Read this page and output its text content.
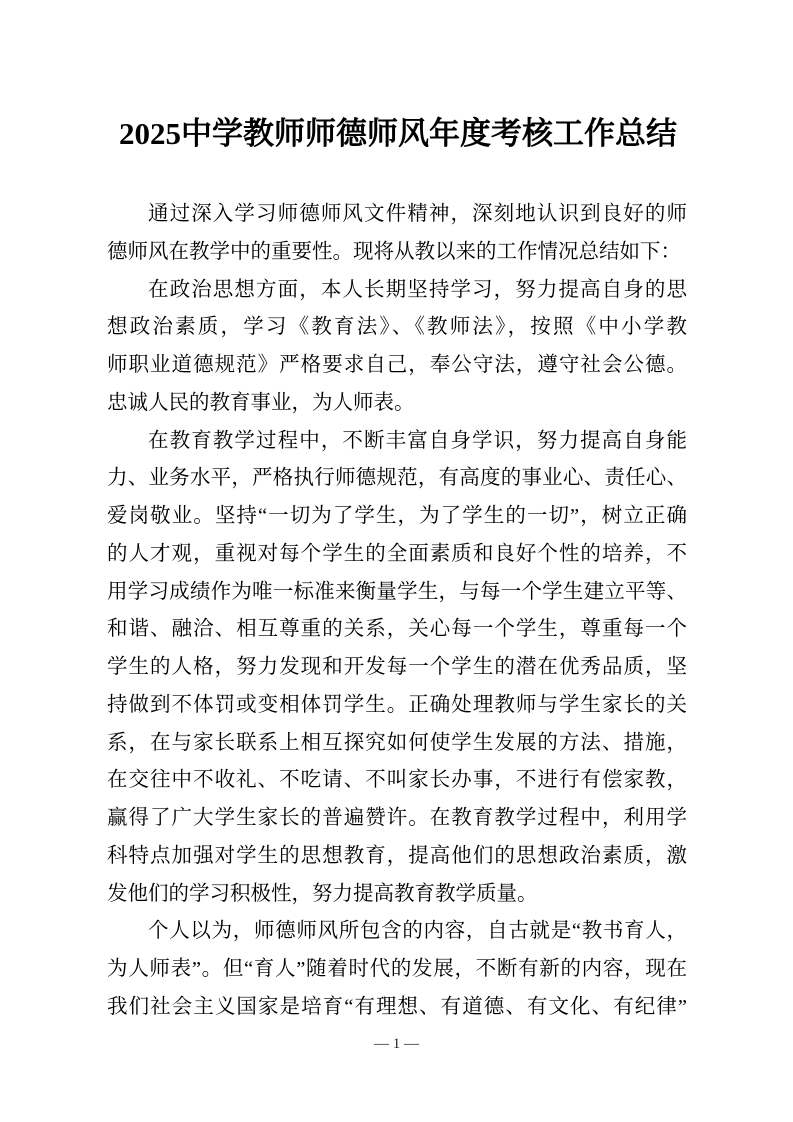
2025中学教师师德师风年度考核工作总结
通过深入学习师德师风文件精神，深刻地认识到良好的师
德师风在教学中的重要性。现将从教以来的工作情况总结如下：
在政治思想方面，本人长期坚持学习，努力提高自身的思
想政治素质，学习《教育法》、《教师法》，按照《中小学教
师职业道德规范》严格要求自己，奉公守法，遵守社会公德。
忠诚人民的教育事业，为人师表。
在教育教学过程中，不断丰富自身学识，努力提高自身能
力、业务水平，严格执行师德规范，有高度的事业心、责任心、
爱岗敬业。坚持“一切为了学生，为了学生的一切”，树立正确
的人才观，重视对每个学生的全面素质和良好个性的培养，不
用学习成绩作为唯一标准来衡量学生，与每一个学生建立平等、
和谐、融洽、相互尊重的关系，关心每一个学生，尊重每一个
学生的人格，努力发现和开发每一个学生的潜在优秀品质，坚
持做到不体罚或变相体罚学生。正确处理教师与学生家长的关
系，在与家长联系上相互探究如何使学生发展的方法、措施，
在交往中不收礼、不吃请、不叫家长办事，不进行有偿家教，
赢得了广大学生家长的普遍赞许。在教育教学过程中，利用学
科特点加强对学生的思想教育，提高他们的思想政治素质，激
发他们的学习积极性，努力提高教育教学质量。
个人以为，师德师风所包含的内容，自古就是“教书育人，
为人师表”。但“育人”随着时代的发展，不断有新的内容，现在
我们社会主义国家是培育“有理想、有道德、有文化、有纪律”
— 1 —
